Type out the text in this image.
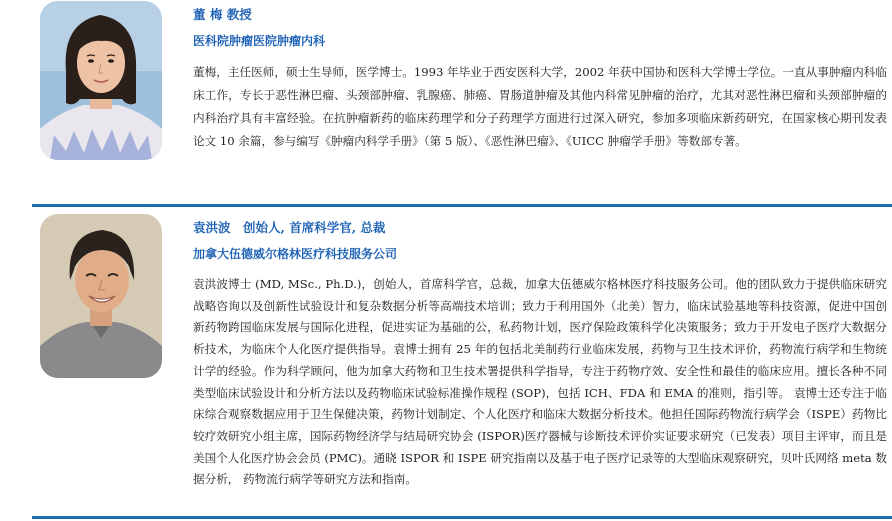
董 梅 教授
医科院肿瘤医院肿瘤内科
董梅，主任医师，硕士生导师，医学博士。1993 年毕业于西安医科大学，2002 年获中国协和医科大学博士学位。一直从事肿瘤内科临床工作，专长于恶性淋巴瘤、头颈部肿瘤、乳腺癌、肺癌、胃肠道肿瘤及其他内科常见肿瘤的治疗，尤其对恶性淋巴瘤和头颈部肿瘤的内科治疗具有丰富经验。在抗肿瘤新药的临床药理学和分子药理学方面进行过深入研究，参加多项临床新药研究，在国家核心期刊发表论文 10 余篇，参与编写《肿瘤内科学手册》（第 5 版）、《恶性淋巴瘤》、《UICC 肿瘤学手册》等数部专著。
袁洪波　创始人, 首席科学官, 总裁
加拿大伍德威尔格林医疗科技服务公司
袁洪波博士 (MD, MSc., Ph.D.)，创始人，首席科学官，总裁，加拿大伍德威尔格林医疗科技服务公司。他的团队致力于提供临床研究战略咨询以及创新性试验设计和复杂数据分析等高端技术培训；致力于利用国外（北美）智力，临床试验基地等科技资源，促进中国创新药物跨国临床发展与国际化进程，促进实证为基础的公，私药物计划，医疗保险政策科学化决策服务；致力于开发电子医疗大数据分析技术，为临床个人化医疗提供指导。袁博士拥有 25 年的包括北美制药行业临床发展，药物与卫生技术评价，药物流行病学和生物统计学的经验。作为科学顾问，他为加拿大药物和卫生技术署提供科学指导，专注于药物疗效、安全性和最佳的临床应用。擅长各种不同类型临床试验设计和分析方法以及药物临床试验标准操作规程 (SOP)，包括 ICH、FDA 和 EMA 的准则，指引等。 袁博士还专注于临床综合观察数据应用于卫生保健决策，药物计划制定、个人化医疗和临床大数据分析技术。他担任国际药物流行病学会（ISPE）药物比较疗效研究小组主席，国际药物经济学与结局研究协会 (ISPOR)医疗器械与诊断技术评价实证要求研究（已发表）项目主评审，而且是美国个人化医疗协会会员 (PMC)。通晓 ISPOR 和 ISPE 研究指南以及基于电子医疗记录等的大型临床观察研究，贝叶氏网络 meta 数据分析， 药物流行病学等研究方法和指南。
